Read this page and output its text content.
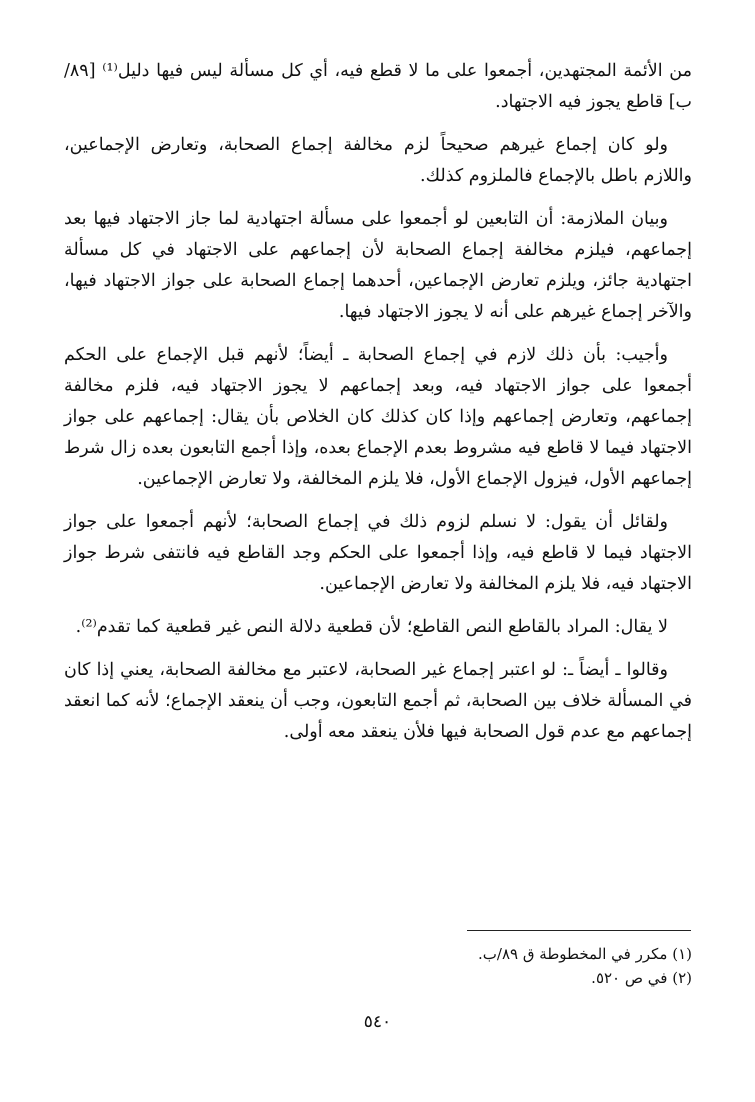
من الأئمة المجتهدين، أجمعوا على ما لا قطع فيه، أي كل مسألة ليس فيها دليل⁽¹⁾ [٨٩/ب] قاطع يجوز فيه الاجتهاد.

ولو كان إجماع غيرهم صحيحاً لزم مخالفة إجماع الصحابة، وتعارض الإجماعين، واللازم باطل بالإجماع فالملزوم كذلك.

وبيان الملازمة: أن التابعين لو أجمعوا على مسألة اجتهادية لما جاز الاجتهاد فيها بعد إجماعهم، فيلزم مخالفة إجماع الصحابة لأن إجماعهم على الاجتهاد في كل مسألة اجتهادية جائز، ويلزم تعارض الإجماعين، أحدهما إجماع الصحابة على جواز الاجتهاد فيها، والآخر إجماع غيرهم على أنه لا يجوز الاجتهاد فيها.

وأجيب: بأن ذلك لازم في إجماع الصحابة ـ أيضاً؛ لأنهم قبل الإجماع على الحكم أجمعوا على جواز الاجتهاد فيه، وبعد إجماعهم لا يجوز الاجتهاد فيه، فلزم مخالفة إجماعهم، وتعارض إجماعهم وإذا كان كذلك كان الخلاص بأن يقال: إجماعهم على جواز الاجتهاد فيما لا قاطع فيه مشروط بعدم الإجماع بعده، وإذا أجمع التابعون بعده زال شرط إجماعهم الأول، فيزول الإجماع الأول، فلا يلزم المخالفة، ولا تعارض الإجماعين.

ولقائل أن يقول: لا نسلم لزوم ذلك في إجماع الصحابة؛ لأنهم أجمعوا على جواز الاجتهاد فيما لا قاطع فيه، وإذا أجمعوا على الحكم وجد القاطع فيه فانتفى شرط جواز الاجتهاد فيه، فلا يلزم المخالفة ولا تعارض الإجماعين.

لا يقال: المراد بالقاطع النص القاطع؛ لأن قطعية دلالة النص غير قطعية كما تقدم⁽²⁾.

وقالوا ـ أيضاً ـ: لو اعتبر إجماع غير الصحابة، لاعتبر مع مخالفة الصحابة، يعني إذا كان في المسألة خلاف بين الصحابة، ثم أجمع التابعون، وجب أن ينعقد الإجماع؛ لأنه كما انعقد إجماعهم مع عدم قول الصحابة فيها فلأن ينعقد معه أولى.

(١) مكرر في المخطوطة ق ٨٩/ب.

(٢) في ص ٥٢٠.

٥٤٠
